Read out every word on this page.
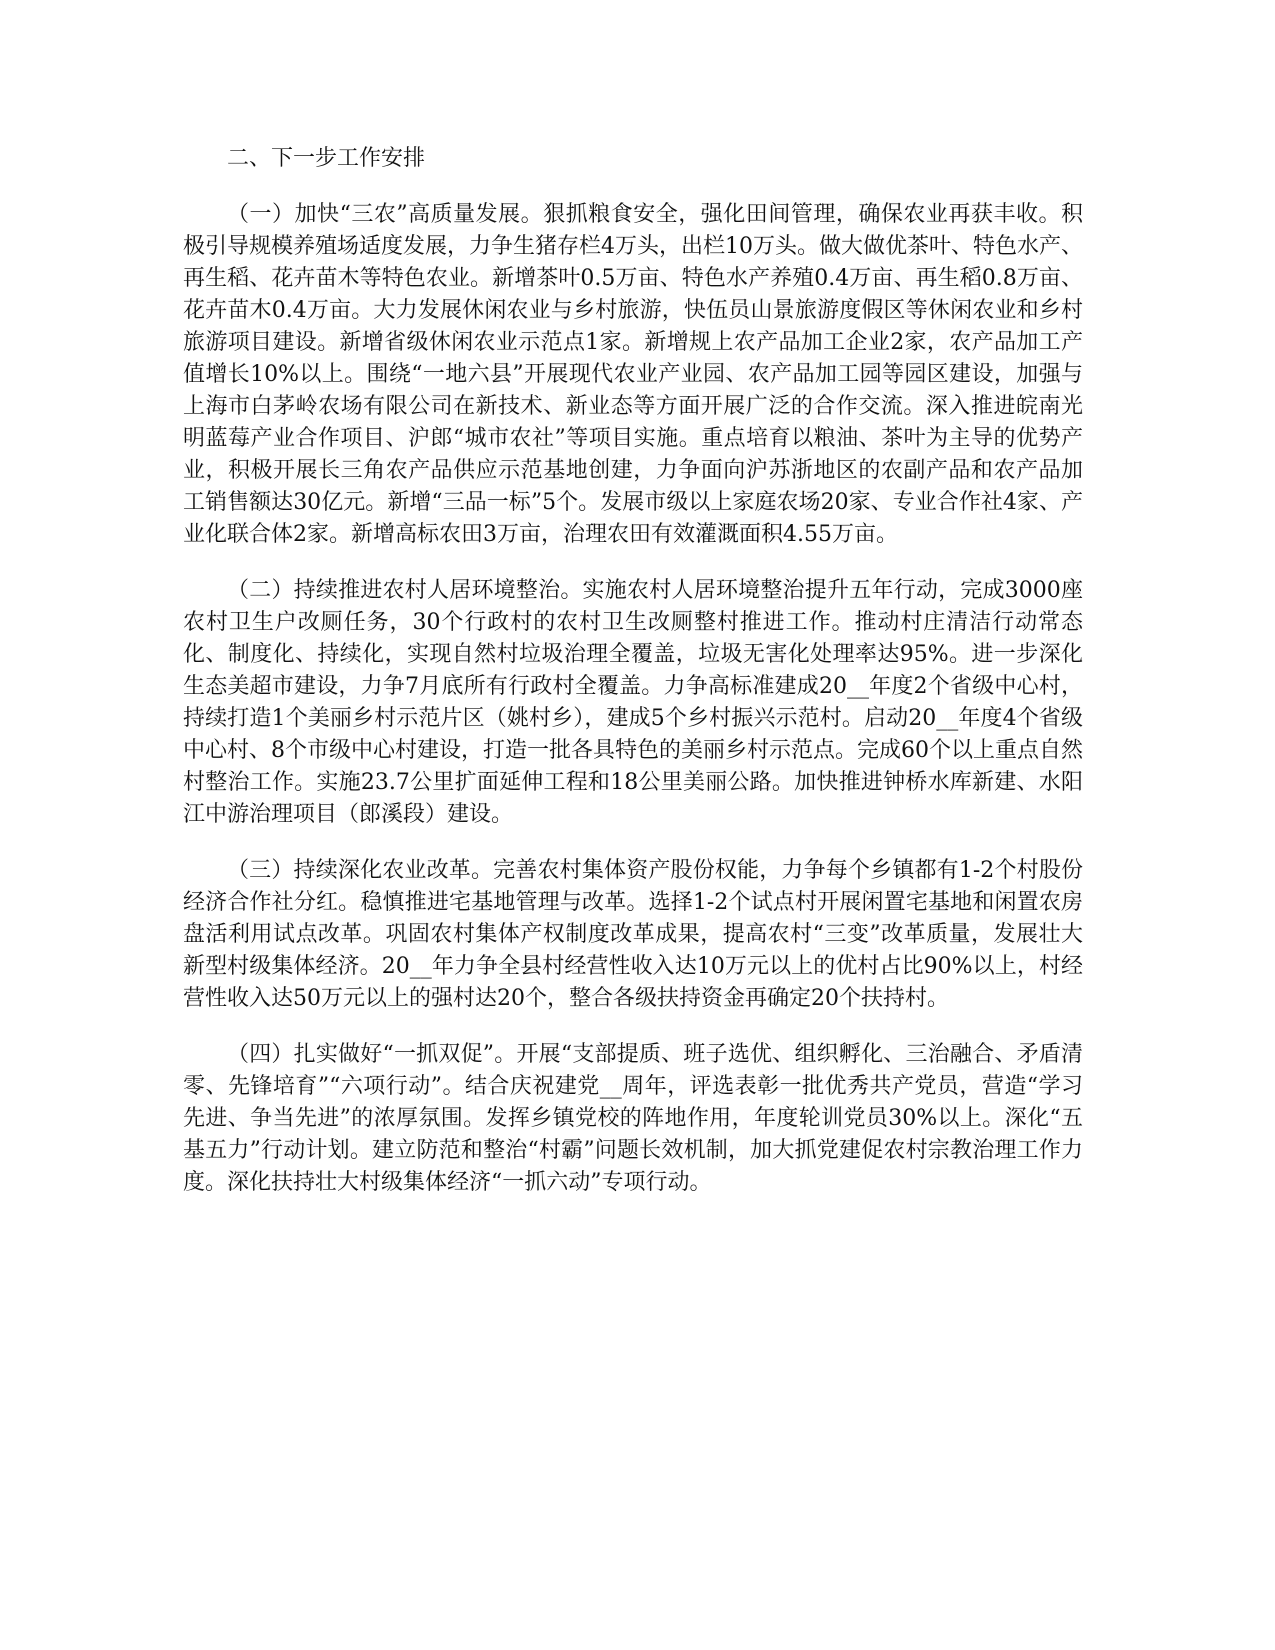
二、下一步工作安排

（一）加快“三农”高质量发展。狠抓粮食安全，强化田间管理，确保农业再获丰收。积极引导规模养殖场适度发展，力争生猪存栏4万头，出栏10万头。做大做优茶叶、特色水产、再生稻、花卉苗木等特色农业。新增茶叶0.5万亩、特色水产养殖0.4万亩、再生稻0.8万亩、花卉苗木0.4万亩。大力发展休闲农业与乡村旅游，快伍员山景旅游度假区等休闲农业和乡村旅游项目建设。新增省级休闲农业示范点1家。新增规上农产品加工企业2家，农产品加工产值增长10%以上。围绕“一地六县”开展现代农业产业园、农产品加工园等园区建设，加强与上海市白茅岭农场有限公司在新技术、新业态等方面开展广泛的合作交流。深入推进皖南光明蓝莓产业合作项目、沪郎“城市农社”等项目实施。重点培育以粮油、茶叶为主导的优势产业，积极开展长三角农产品供应示范基地创建，力争面向沪苏浙地区的农副产品和农产品加工销售额达30亿元。新增“三品一标”5个。发展市级以上家庭农场20家、专业合作社4家、产业化联合体2家。新增高标农田3万亩，治理农田有效灌溉面积4.55万亩。

（二）持续推进农村人居环境整治。实施农村人居环境整治提升五年行动，完成3000座农村卫生户改厕任务，30个行政村的农村卫生改厕整村推进工作。推动村庄清洁行动常态化、制度化、持续化，实现自然村垃圾治理全覆盖，垃圾无害化处理率达95%。进一步深化生态美超市建设，力争7月底所有行政村全覆盖。力争高标准建成20__年度2个省级中心村，持续打造1个美丽乡村示范片区（姚村乡），建成5个乡村振兴示范村。启动20__年度4个省级中心村、8个市级中心村建设，打造一批各具特色的美丽乡村示范点。完成60个以上重点自然村整治工作。实施23.7公里扩面延伸工程和18公里美丽公路。加快推进钟桥水库新建、水阳江中游治理项目（郎溪段）建设。

（三）持续深化农业改革。完善农村集体资产股份权能，力争每个乡镇都有1-2个村股份经济合作社分红。稳慎推进宅基地管理与改革。选择1-2个试点村开展闲置宅基地和闲置农房盘活利用试点改革。巩固农村集体产权制度改革成果，提高农村“三变”改革质量，发展壮大新型村级集体经济。20__年力争全县村经营性收入达10万元以上的优村占比90%以上，村经营性收入达50万元以上的强村达20个，整合各级扶持资金再确定20个扶持村。

（四）扎实做好“一抓双促”。开展“支部提质、班子选优、组织孵化、三治融合、矛盾清零、先锋培育”“六项行动”。结合庆祝建党__周年，评选表彰一批优秀共产党员，营造“学习先进、争当先进”的浓厚氛围。发挥乡镇党校的阵地作用，年度轮训党员30%以上。深化“五基五力”行动计划。建立防范和整治“村霸”问题长效机制，加大抓党建促农村宗教治理工作力度。深化扶持壮大村级集体经济“一抓六动”专项行动。
